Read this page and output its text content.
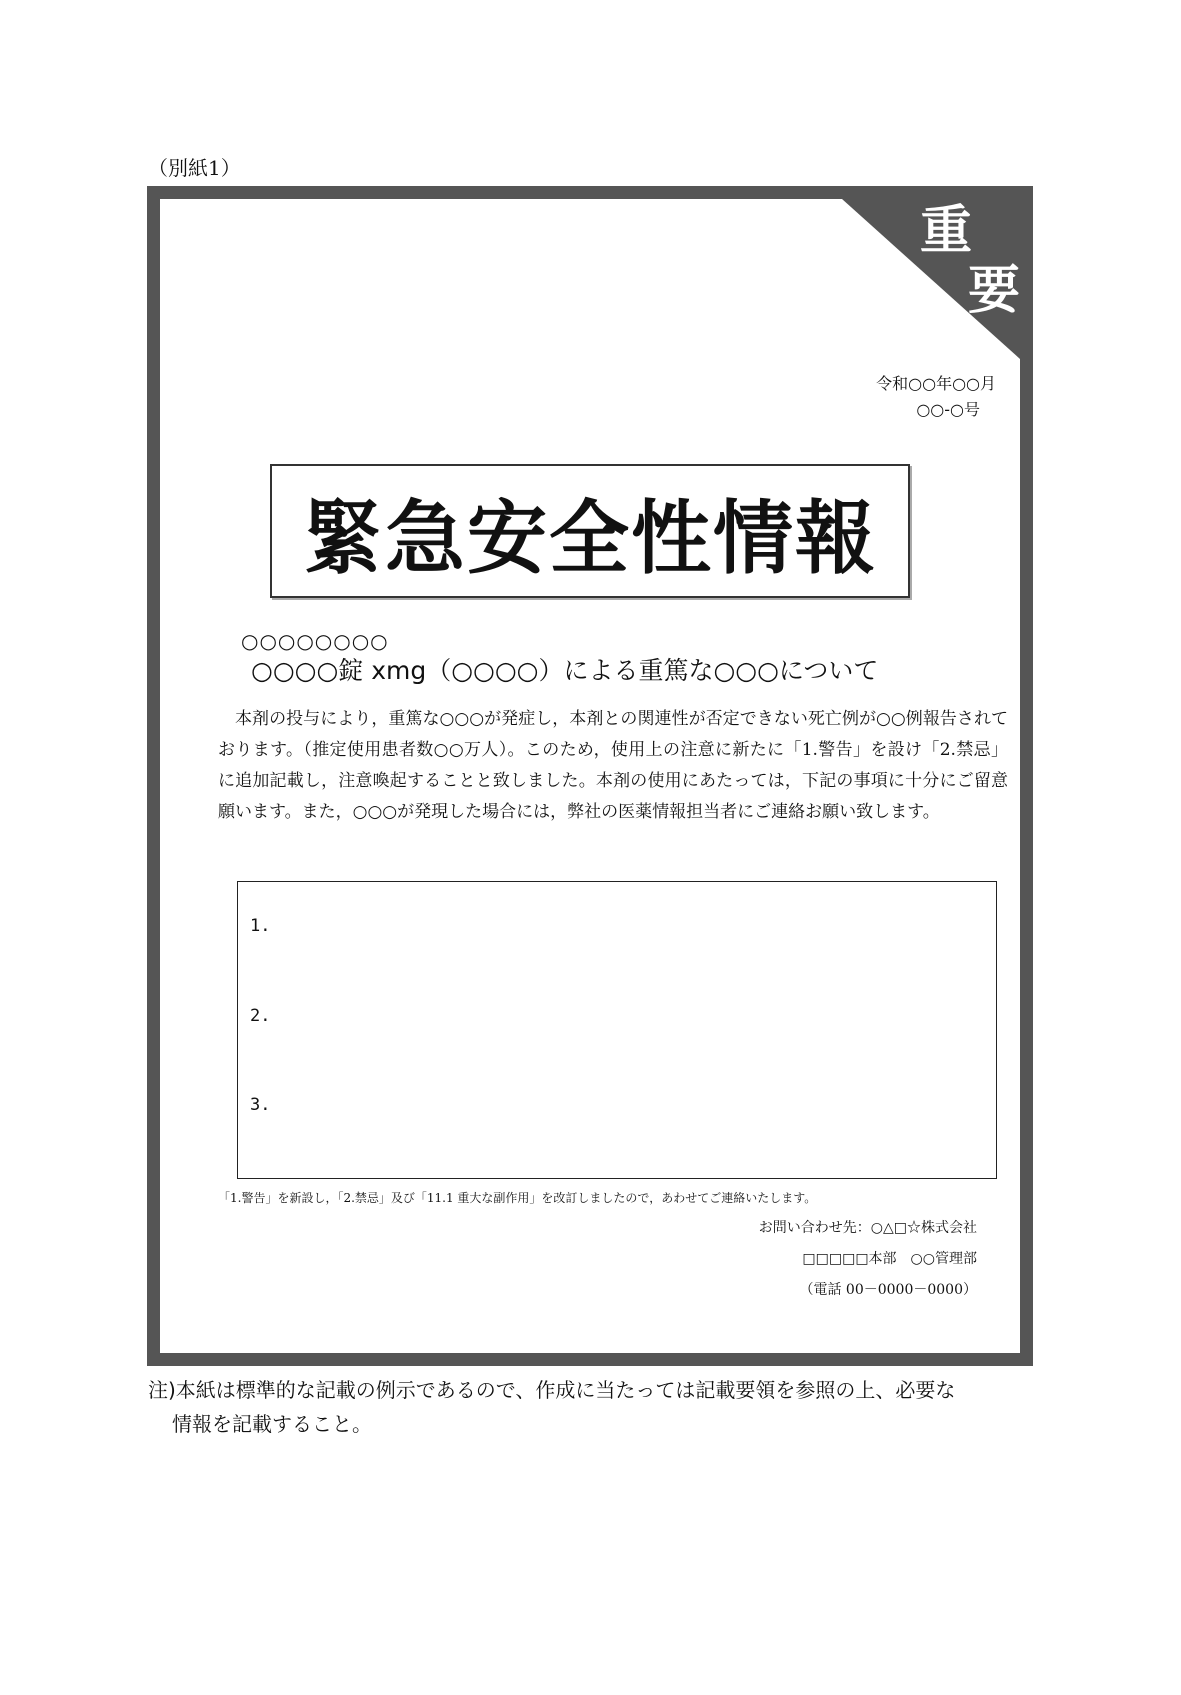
（別紙1）
重
要
令和○○年○○月
○○-○号
緊急安全性情報
○○○○○○○○
○○○○錠 xmg（○○○○）による重篤な○○○について
本剤の投与により，重篤な○○○が発症し，本剤との関連性が否定できない死亡例が○○例報告されております。（推定使用患者数○○万人）。このため，使用上の注意に新たに「1.警告」を設け「2.禁忌」に追加記載し，注意喚起することと致しました。本剤の使用にあたっては，下記の事項に十分にご留意願います。また，○○○が発現した場合には，弊社の医薬情報担当者にご連絡お願い致します。
1.
2.
3.
「1.警告」を新設し，「2.禁忌」及び「11.1 重大な副作用」を改訂しましたので，あわせてご連絡いたします。
お問い合わせ先：○△□☆株式会社
□□□□□本部　○○管理部
（電話 00－0000－0000）
注)本紙は標準的な記載の例示であるので、作成に当たっては記載要領を参照の上、必要な
情報を記載すること。
